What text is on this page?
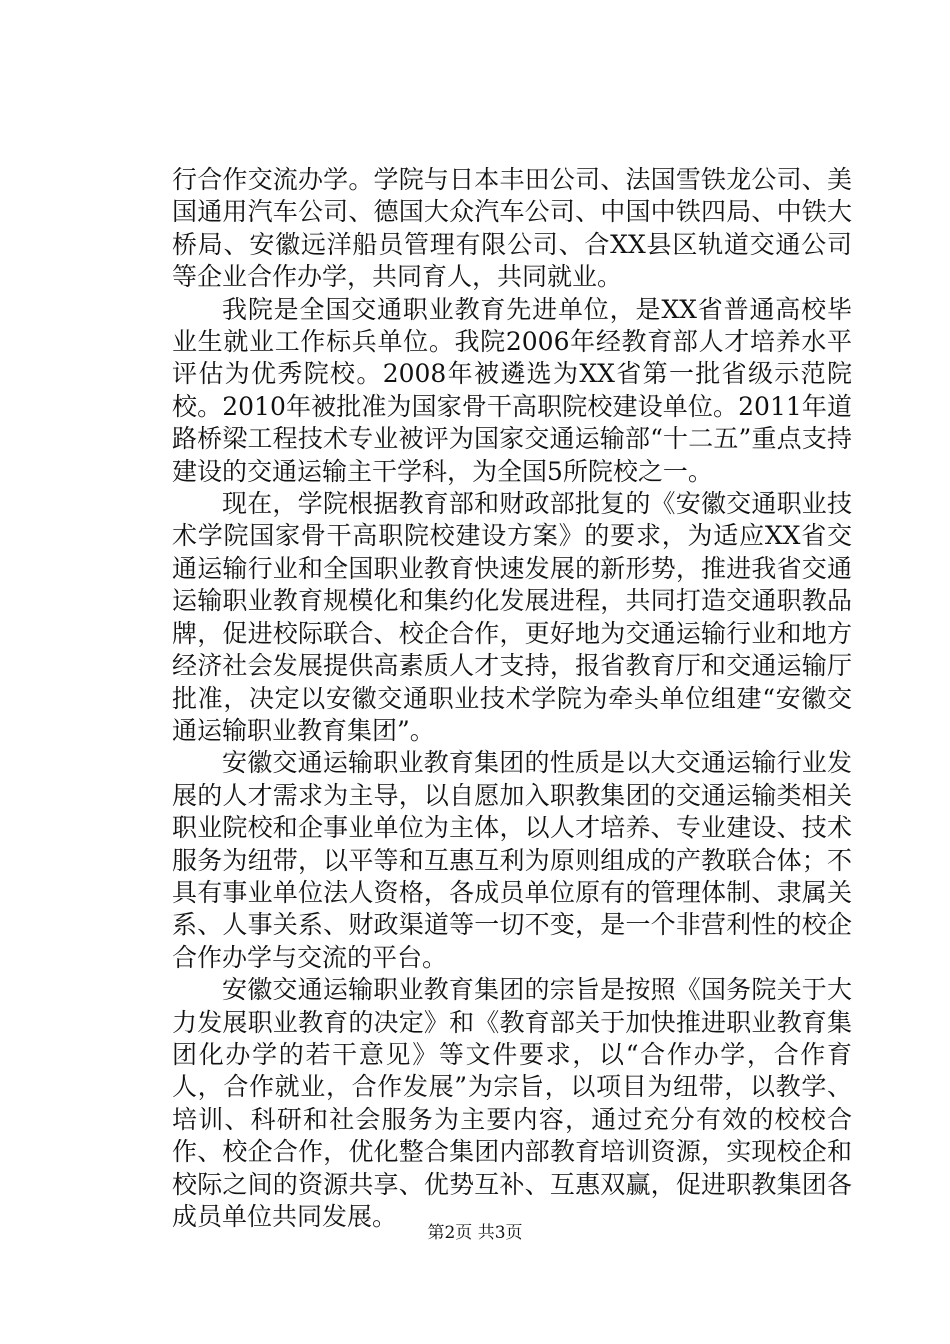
行合作交流办学。学院与日本丰田公司、法国雪铁龙公司、美国通用汽车公司、德国大众汽车公司、中国中铁四局、中铁大桥局、安徽远洋船员管理有限公司、合XX县区轨道交通公司等企业合作办学，共同育人，共同就业。

我院是全国交通职业教育先进单位，是XX省普通高校毕业生就业工作标兵单位。我院2006年经教育部人才培养水平评估为优秀院校。2008年被遴选为XX省第一批省级示范院校。2010年被批准为国家骨干高职院校建设单位。2011年道路桥梁工程技术专业被评为国家交通运输部“十二五”重点支持建设的交通运输主干学科，为全国5所院校之一。

现在，学院根据教育部和财政部批复的《安徽交通职业技术学院国家骨干高职院校建设方案》的要求，为适应XX省交通运输行业和全国职业教育快速发展的新形势，推进我省交通运输职业教育规模化和集约化发展进程，共同打造交通职教品牌，促进校际联合、校企合作，更好地为交通运输行业和地方经济社会发展提供高素质人才支持，报省教育厅和交通运输厅批准，决定以安徽交通职业技术学院为牵头单位组建“安徽交通运输职业教育集团”。

安徽交通运输职业教育集团的性质是以大交通运输行业发展的人才需求为主导，以自愿加入职教集团的交通运输类相关职业院校和企事业单位为主体，以人才培养、专业建设、技术服务为纽带，以平等和互惠互利为原则组成的产教联合体；不具有事业单位法人资格，各成员单位原有的管理体制、隶属关系、人事关系、财政渠道等一切不变，是一个非营利性的校企合作办学与交流的平台。

安徽交通运输职业教育集团的宗旨是按照《国务院关于大力发展职业教育的决定》和《教育部关于加快推进职业教育集团化办学的若干意见》等文件要求，以“合作办学，合作育人，合作就业，合作发展”为宗旨，以项目为纽带，以教学、培训、科研和社会服务为主要内容，通过充分有效的校校合作、校企合作，优化整合集团内部教育培训资源，实现校企和校际之间的资源共享、优势互补、互惠双赢，促进职教集团各成员单位共同发展。

第2页 共3页
